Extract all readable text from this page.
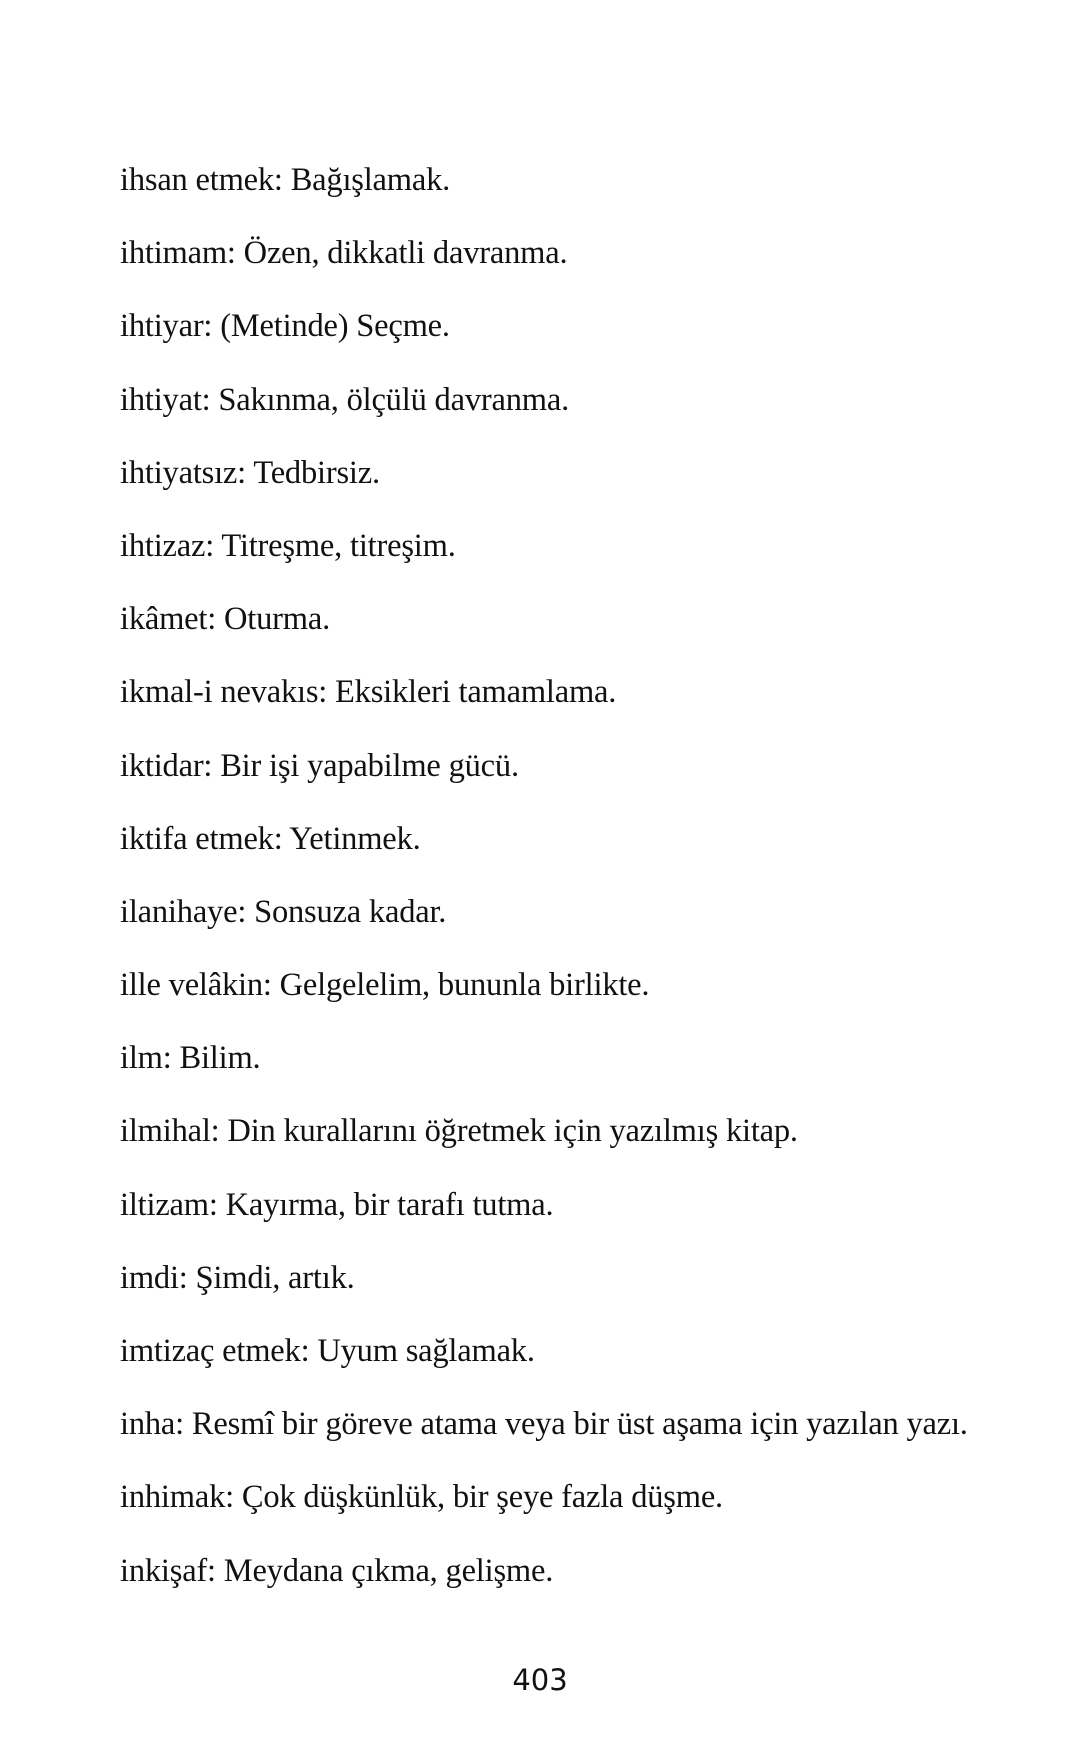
ihsan etmek: Bağışlamak.
ihtimam: Özen, dikkatli davranma.
ihtiyar: (Metinde) Seçme.
ihtiyat: Sakınma, ölçülü davranma.
ihtiyatsız: Tedbirsiz.
ihtizaz: Titreşme, titreşim.
ikâmet: Oturma.
ikmal-i nevakıs: Eksikleri tamamlama.
iktidar: Bir işi yapabilme gücü.
iktifa etmek: Yetinmek.
ilanihaye: Sonsuza kadar.
ille velâkin: Gelgelelim, bununla birlikte.
ilm: Bilim.
ilmihal: Din kurallarını öğretmek için yazılmış kitap.
iltizam: Kayırma, bir tarafı tutma.
imdi: Şimdi, artık.
imtizaç etmek: Uyum sağlamak.
inha: Resmî bir göreve atama veya bir üst aşama için yazılan yazı.
inhimak: Çok düşkünlük, bir şeye fazla düşme.
inkişaf: Meydana çıkma, gelişme.
403
